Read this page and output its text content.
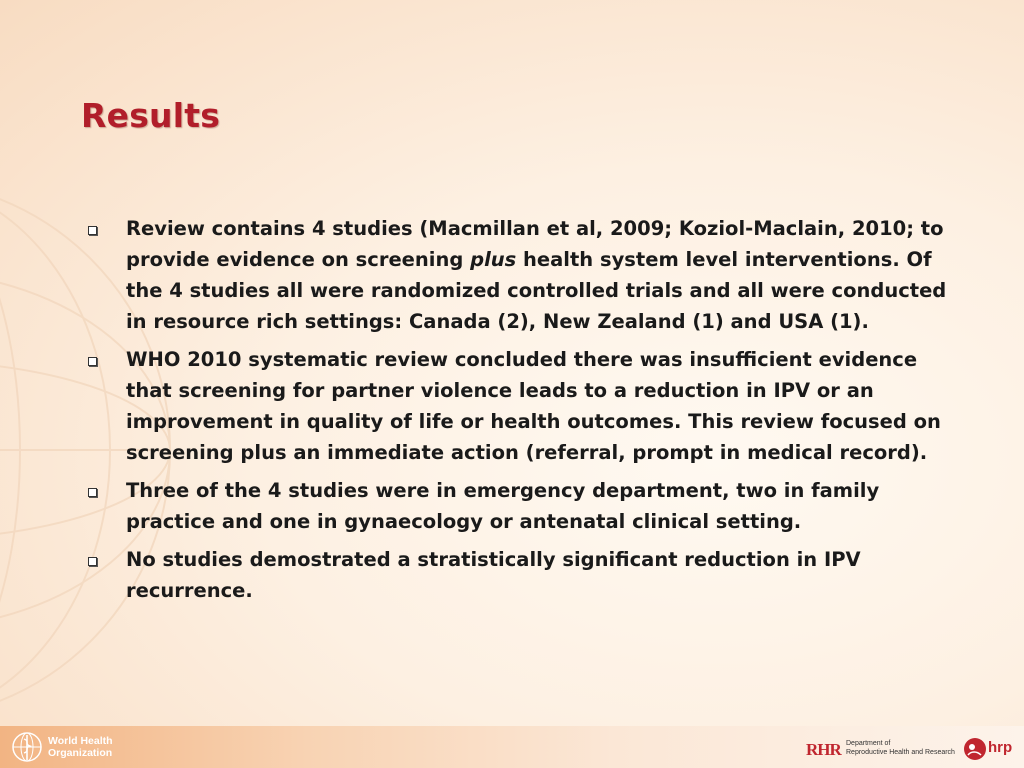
Results
Review contains 4 studies (Macmillan et al, 2009; Koziol-Maclain, 2010; to provide evidence on screening plus health system level interventions. Of the 4 studies all were randomized controlled trials and all were conducted in resource rich settings: Canada (2), New Zealand (1) and USA (1).
WHO 2010 systematic review concluded there was insufficient evidence that screening for partner violence leads to a reduction in IPV or an improvement in quality of life or health outcomes. This review focused on screening plus an immediate action (referral, prompt in medical record).
Three of the 4 studies were in emergency department, two in family practice and one in gynaecology or antenatal clinical setting.
No studies demostrated a stratistically significant reduction in IPV recurrence.
World Health
Organization	RHR Department of
Reproductive Health and Research hrp
